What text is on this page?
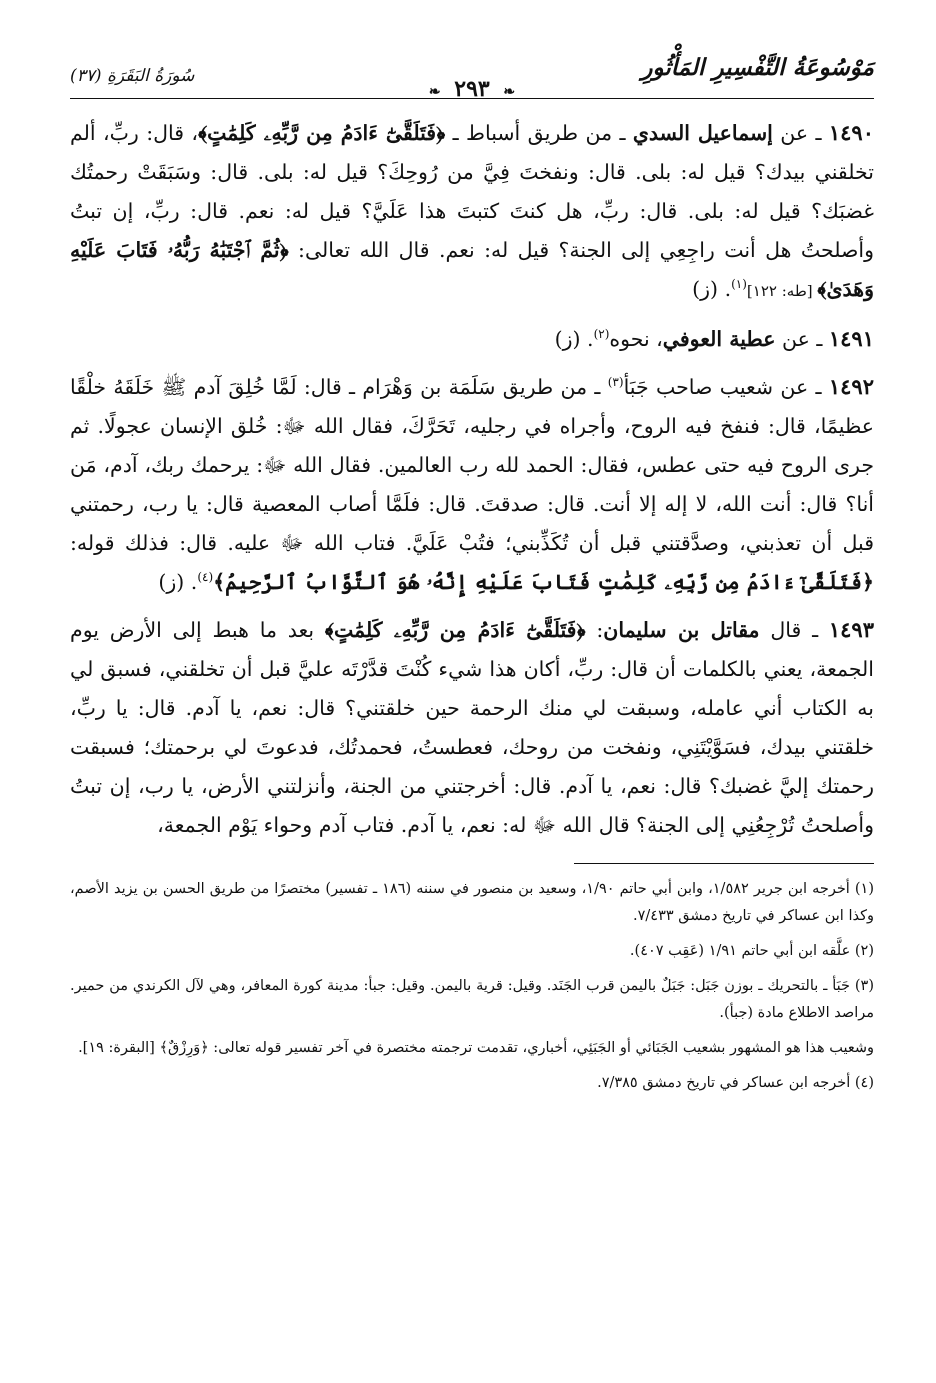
مَوْسُوعَةُ التَّفْسِيرِ المَأْثُورِ
❧ ٢٩٣ ❧
سُورَةُ البَقَرَةِ (٣٧)

١٤٩٠ ـ عن إسماعيل السدي ـ من طريق أسباط ـ ﴿فَتَلَقَّىٰٓ ءَادَمُ مِن رَّبِّهِۦ كَلِمَٰتٍ﴾، قال: ربِّ، ألم تخلقني بيدك؟ قيل له: بلى. قال: ونفختَ فِيَّ من رُوحِكَ؟ قيل له: بلى. قال: وسَبَقَتْ رحمتُك غضبَك؟ قيل له: بلى. قال: ربِّ، هل كنتَ كتبتَ هذا عَلَيَّ؟ قيل له: نعم. قال: ربِّ، إن تبتُ وأصلحتُ هل أنت راجِعِي إلى الجنة؟ قيل له: نعم. قال الله تعالى: ﴿ثُمَّ ٱجْتَبَٰهُ رَبُّهُۥ فَتَابَ عَلَيْهِ وَهَدَىٰ﴾ [طه: ١٢٢]$^{(١)}$. (ز)

١٤٩١ ـ عن عطية العوفي، نحوه$^{(٢)}$. (ز)

١٤٩٢ ـ عن شعيب صاحب جَبَأ$^{(٣)}$ ـ من طريق سَلَمَة بن وَهْرَام ـ قال: لَمَّا خُلِقَ آدم ﷺ خَلَقَهُ خلْقًا عظيمًا، قال: فنفخ فيه الروح، وأجراه في رجليه، تَحَرَّكَ، فقال الله ﷻ: خُلق الإنسان عجولًا. ثم جرى الروح فيه حتى عطس، فقال: الحمد لله رب العالمين. فقال الله ﷻ: يرحمك ربك، آدم، مَن أنا؟ قال: أنت الله، لا إله إلا أنت. قال: صدقتَ. قال: فلَمَّا أصاب المعصية قال: يا رب، رحمتني قبل أن تعذبني، وصدَّقتني قبل أن تُكَذِّبني؛ فتُبْ عَلَيَّ. فتاب الله ﷻ عليه. قال: فذلك قوله: ﴿فَتَلَقَّىٰٓ ءَادَمُ مِن رَّبِّهِۦ كَلِمَٰتٍ فَتَابَ عَلَيْهِ إِنَّهُۥ هُوَ ٱلتَّوَّابُ ٱلرَّحِيمُ﴾$^{(٤)}$. (ز)

١٤٩٣ ـ قال مقاتل بن سليمان: ﴿فَتَلَقَّىٰٓ ءَادَمُ مِن رَّبِّهِۦ كَلِمَٰتٍ﴾ بعد ما هبط إلى الأرض يوم الجمعة، يعني بالكلمات أن قال: ربِّ، أكان هذا شيء كُنْتَ قدَّرْتَه عليَّ قبل أن تخلقني، فسبق لي به الكتاب أني عامله، وسبقت لي منك الرحمة حين خلقتني؟ قال: نعم، يا آدم. قال: يا ربِّ، خلقتني بيدك، فسَوَّيْتَنِي، ونفخت من روحك، فعطستُ، فحمدتُك، فدعوتَ لي برحمتك؛ فسبقت رحمتك إليَّ غضبك؟ قال: نعم، يا آدم. قال: أخرجتني من الجنة، وأنزلتني الأرض، يا رب، إن تبتُ وأصلحتُ تُرْجِعُنِي إلى الجنة؟ قال الله ﷻ له: نعم، يا آدم. فتاب آدم وحواء يَوْم الجمعة،

(١) أخرجه ابن جرير ١/٥٨٢، وابن أبي حاتم ١/٩٠، وسعيد بن منصور في سننه (١٨٦ ـ تفسير) مختصرًا من طريق الحسن بن يزيد الأصم، وكذا ابن عساكر في تاريخ دمشق ٧/٤٣٣.

(٢) علَّقه ابن أبي حاتم ١/٩١ (عَقِب ٤٠٧).

(٣) جَبَأ ـ بالتحريك ـ بوزن جَبَل: جَبَلٌ باليمن قرب الجَنَد. وقيل: قرية باليمن. وقيل: جبأ: مدينة كورة المعافر، وهي لآل الكرندي من حمير. مراصد الاطلاع مادة (جبأ).

وشعيب هذا هو المشهور بشعيب الجَبَائي أو الجَبَئِي، أخباري، تقدمت ترجمته مختصرة في آخر تفسير قوله تعالى: ﴿وَرِزْقٌ﴾ [البقرة: ١٩].

(٤) أخرجه ابن عساكر في تاريخ دمشق ٧/٣٨٥.
